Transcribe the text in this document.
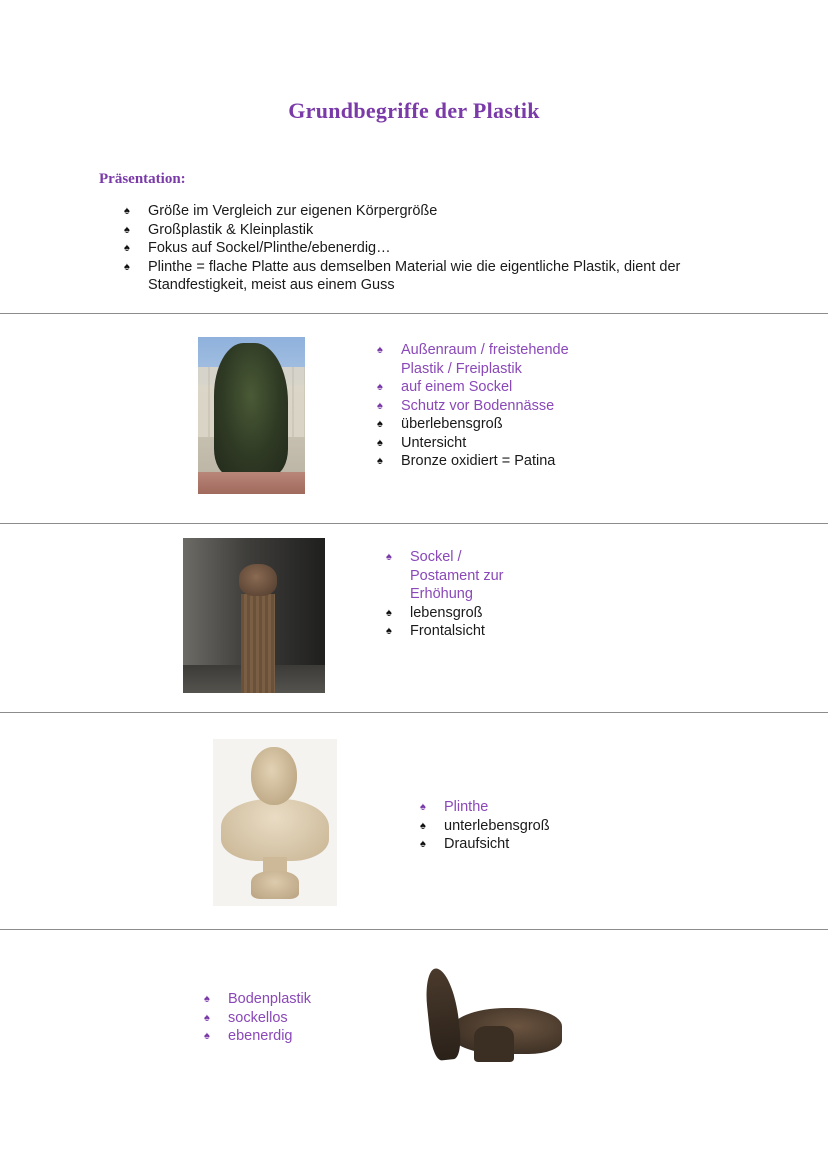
Grundbegriffe der Plastik
Präsentation:
♠ Größe im Vergleich zur eigenen Körpergröße
♠ Großplastik & Kleinplastik
♠ Fokus auf Sockel/Plinthe/ebenerdig…
♠ Plinthe = flache Platte aus demselben Material wie die eigentliche Plastik, dient der Standfestigkeit, meist aus einem Guss
♠ Außenraum / freistehende Plastik / Freiplastik
♠ auf einem Sockel
♠ Schutz vor Bodennässe
♠ überlebensgroß
♠ Untersicht
♠ Bronze oxidiert = Patina
♠ Sockel / Postament zur Erhöhung
♠ lebensgroß
♠ Frontalsicht
♠ Plinthe
♠ unterlebensgroß
♠ Draufsicht
♠ Bodenplastik
♠ sockellos
♠ ebenerdig
